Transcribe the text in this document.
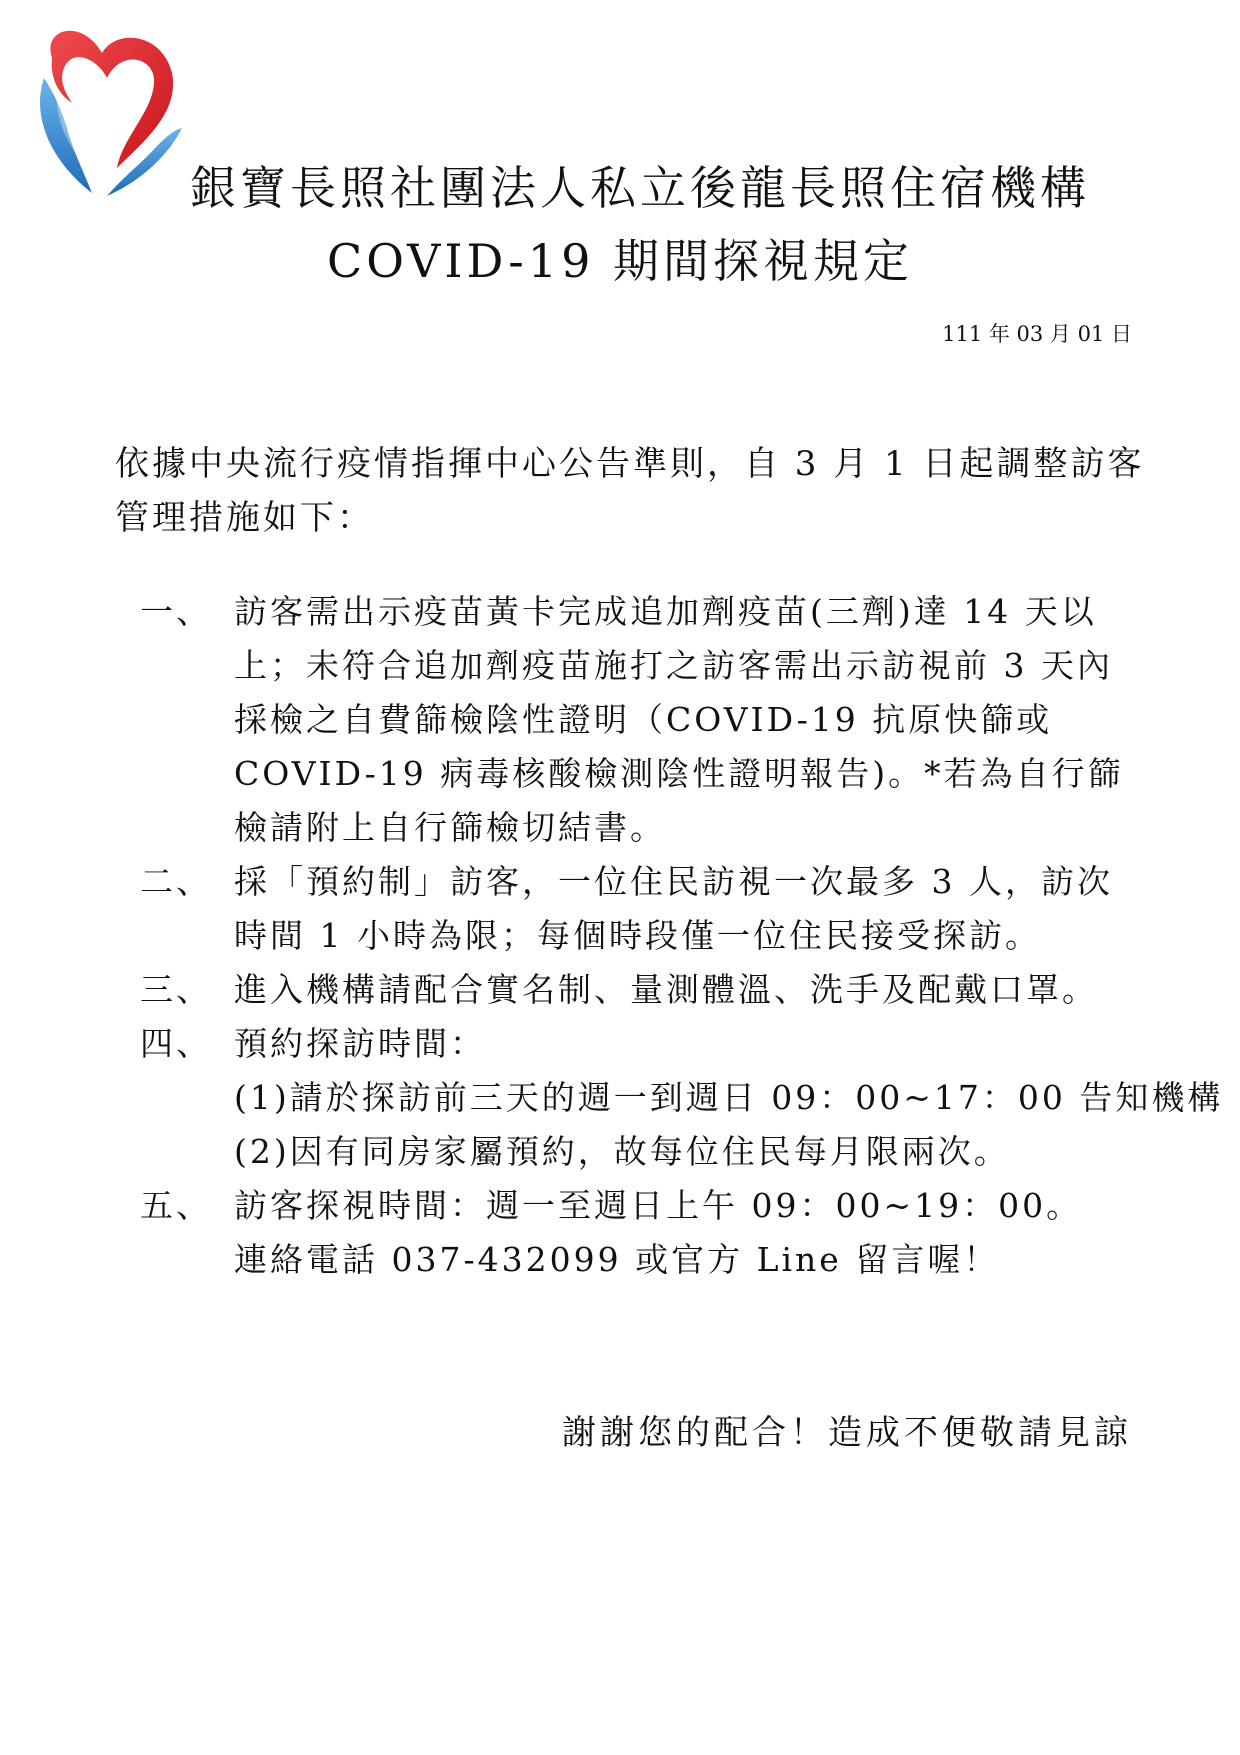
銀寶長照社團法人私立後龍長照住宿機構
COVID-19 期間探視規定
111 年 03 月 01 日

依據中央流行疫情指揮中心公告準則，自 3 月 1 日起調整訪客

管理措施如下：

一、 訪客需出示疫苗黃卡完成追加劑疫苗(三劑)達 14 天以

上；未符合追加劑疫苗施打之訪客需出示訪視前 3 天內

採檢之自費篩檢陰性證明（COVID-19 抗原快篩或

COVID-19 病毒核酸檢測陰性證明報告)。*若為自行篩

檢請附上自行篩檢切結書。

二、 採「預約制」訪客，一位住民訪視一次最多 3 人，訪次

時間 1 小時為限；每個時段僅一位住民接受探訪。

三、 進入機構請配合實名制、量測體溫、洗手及配戴口罩。

四、 預約探訪時間：

(1)請於探訪前三天的週一到週日 09：00~17：00 告知機構

(2)因有同房家屬預約，故每位住民每月限兩次。

五、 訪客探視時間：週一至週日上午 09：00~19：00。

連絡電話 037-432099 或官方 Line 留言喔！

謝謝您的配合！造成不便敬請見諒
